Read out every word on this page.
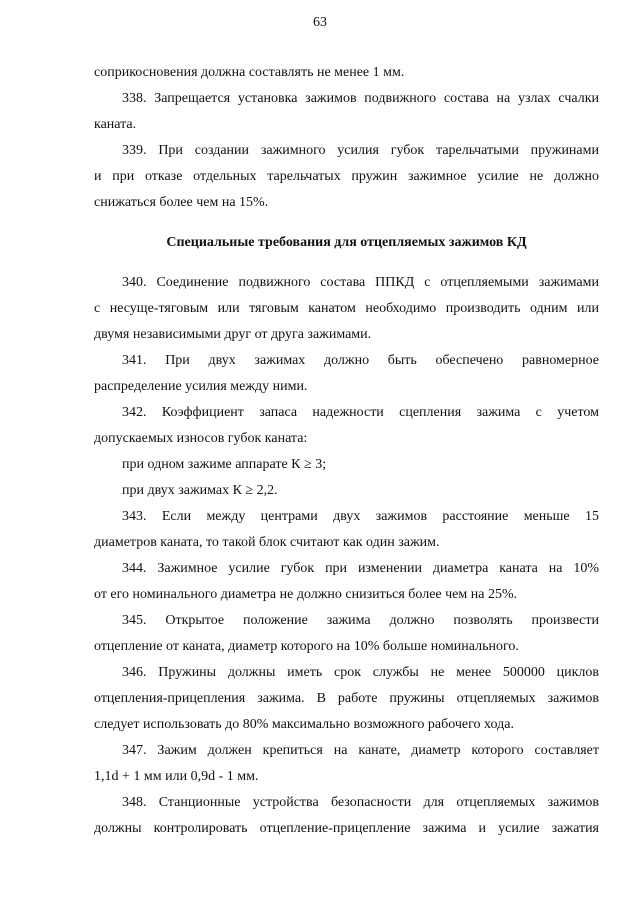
63
соприкосновения должна составлять не менее 1 мм.
338. Запрещается установка зажимов подвижного состава на узлах счалки
каната.
339. При создании зажимного усилия губок тарельчатыми пружинами
и при отказе отдельных тарельчатых пружин зажимное усилие не должно
снижаться более чем на 15%.
Специальные требования для отцепляемых зажимов КД
340. Соединение подвижного состава ППКД с отцепляемыми зажимами
с несуще-тяговым или тяговым канатом необходимо производить одним или
двумя независимыми друг от друга зажимами.
341. При двух зажимах должно быть обеспечено равномерное
распределение усилия между ними.
342. Коэффициент запаса надежности сцепления зажима с учетом
допускаемых износов губок каната:
при одном зажиме аппарате К ≥ 3;
при двух зажимах К ≥ 2,2.
343. Если между центрами двух зажимов расстояние меньше 15
диаметров каната, то такой блок считают как один зажим.
344. Зажимное усилие губок при изменении диаметра каната на 10%
от его номинального диаметра не должно снизиться более чем на 25%.
345. Открытое положение зажима должно позволять произвести
отцепление от каната, диаметр которого на 10% больше номинального.
346. Пружины должны иметь срок службы не менее 500000 циклов
отцепления-прицепления зажима. В работе пружины отцепляемых зажимов
следует использовать до 80% максимально возможного рабочего хода.
347. Зажим должен крепиться на канате, диаметр которого составляет
1,1d + 1 мм или 0,9d - 1 мм.
348. Станционные устройства безопасности для отцепляемых зажимов
должны контролировать отцепление-прицепление зажима и усилие зажатия
